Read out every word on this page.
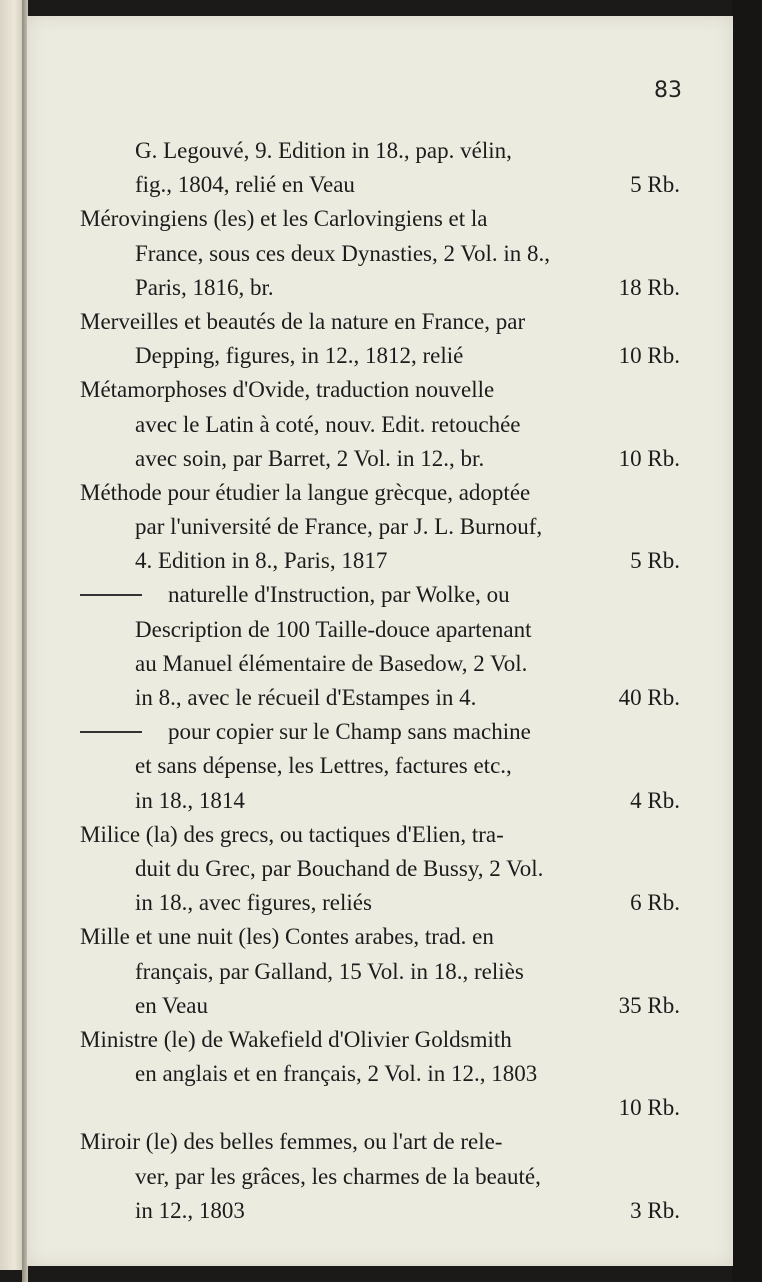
83
G. Legouvé, 9. Edition in 18., pap. vélin,
fig., 1804, relié en Veau	5 Rb.
Mérovingiens (les) et les Carlovingiens et la
France, sous ces deux Dynasties, 2 Vol. in 8.,
Paris, 1816, br.	18 Rb.
Merveilles et beautés de la nature en France, par
Depping, figures, in 12., 1812, relié	10 Rb.
Métamorphoses d'Ovide, traduction nouvelle
avec le Latin à coté, nouv. Edit. retouchée
avec soin, par Barret, 2 Vol. in 12., br.	10 Rb.
Méthode pour étudier la langue grècque, adoptée
par l'université de France, par J. L. Burnouf,
4. Edition in 8., Paris, 1817	5 Rb.
naturelle d'Instruction, par Wolke, ou
Description de 100 Taille-douce apartenant
au Manuel élémentaire de Basedow, 2 Vol.
in 8., avec le récueil d'Estampes in 4.	40 Rb.
pour copier sur le Champ sans machine
et sans dépense, les Lettres, factures etc.,
in 18., 1814	4 Rb.
Milice (la) des grecs, ou tactiques d'Elien, tra-
duit du Grec, par Bouchand de Bussy, 2 Vol.
in 18., avec figures, reliés	6 Rb.
Mille et une nuit (les) Contes arabes, trad. en
français, par Galland, 15 Vol. in 18., reliès
en Veau	35 Rb.
Ministre (le) de Wakefield d'Olivier Goldsmith
en anglais et en français, 2 Vol. in 12., 1803
10 Rb.
Miroir (le) des belles femmes, ou l'art de rele-
ver, par les grâces, les charmes de la beauté,
in 12., 1803	3 Rb.
